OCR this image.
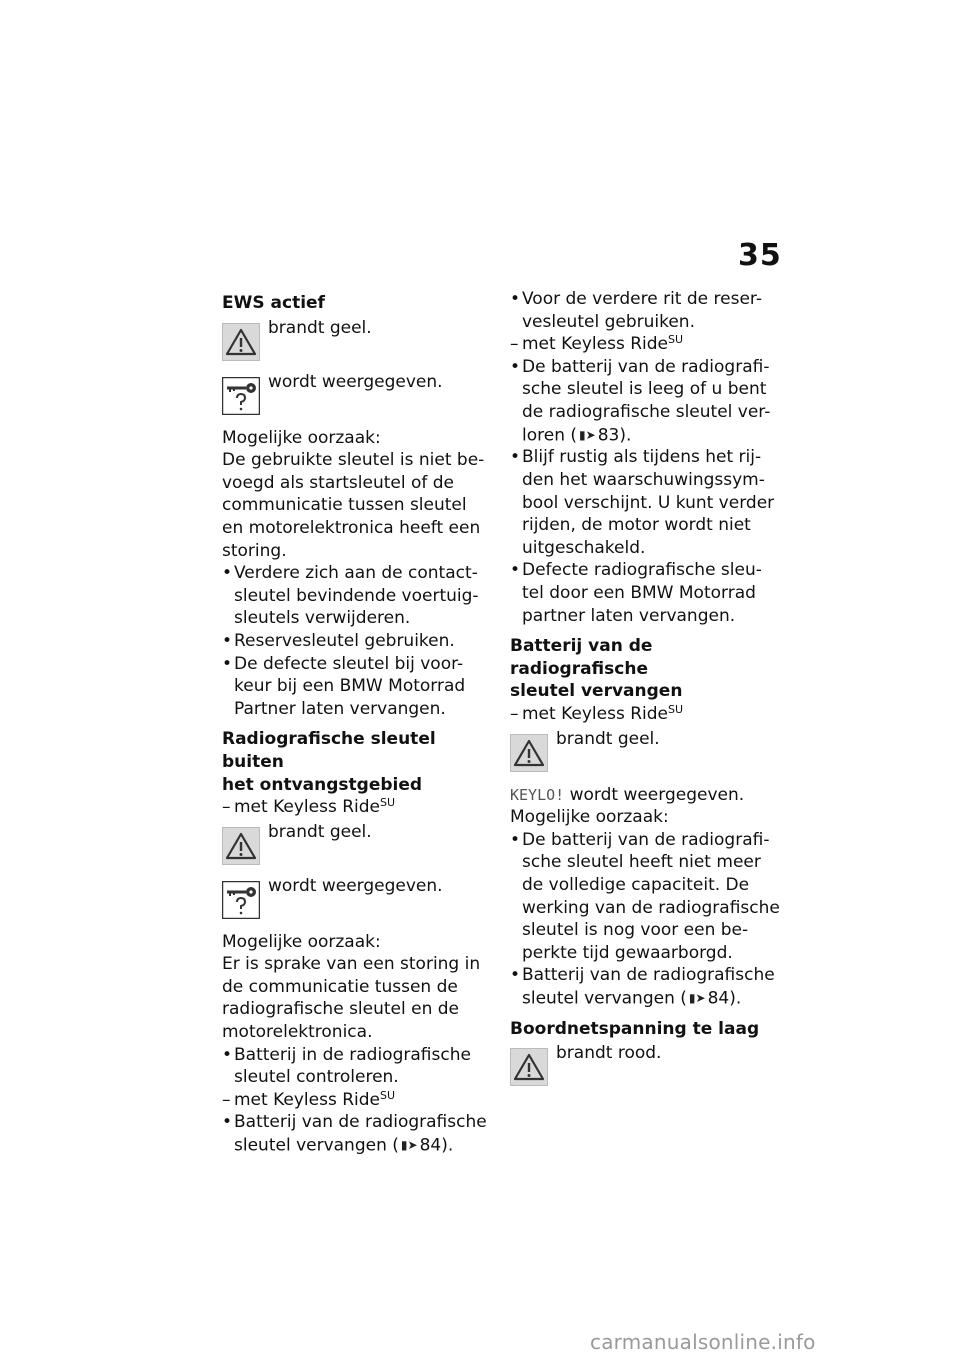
35
EWS actief
brandt geel.
wordt weergegeven.

Mogelijke oorzaak:

De gebruikte sleutel is niet be-voegd als startsleutel of de communicatie tussen sleutel en motorelektronica heeft een storing.

• Verdere zich aan de contact-sleutel bevindende voertuig-sleutels verwijderen.

• Reservesleutel gebruiken.

• De defecte sleutel bij voor-keur bij een BMW Motorrad Partner laten vervangen.

Radiografische sleutel buiten
het ontvangstgebied

– met Keyless Ride$^{SU}$

brandt geel.
wordt weergegeven.

Mogelijke oorzaak:

Er is sprake van een storing in de communicatie tussen de radiografische sleutel en de motorelektronica.

• Batterij in de radiografische sleutel controleren.

– met Keyless Ride$^{SU}$

• Batterij van de radiografische sleutel vervangen ( ▮➤ 84).

• Voor de verdere rit de reser-vesleutel gebruiken.

– met Keyless Ride$^{SU}$

• De batterij van de radiografi-sche sleutel is leeg of u bent de radiografische sleutel ver-loren ( ▮➤ 83).

• Blijf rustig als tijdens het rij-den het waarschuwingssym-bool verschijnt. U kunt verder rijden, de motor wordt niet uitgeschakeld.

• Defecte radiografische sleu-tel door een BMW Motorrad partner laten vervangen.

Batterij van de radiografische
sleutel vervangen

– met Keyless Ride$^{SU}$

brandt geel.

KEYLO! wordt weergegeven.

Mogelijke oorzaak:

• De batterij van de radiografi-sche sleutel heeft niet meer de volledige capaciteit. De werking van de radiografische sleutel is nog voor een be-perkte tijd gewaarborgd.

• Batterij van de radiografische sleutel vervangen ( ▮➤ 84).

Boordnetspanning te laag
brandt rood.
carmanualsonline.info
